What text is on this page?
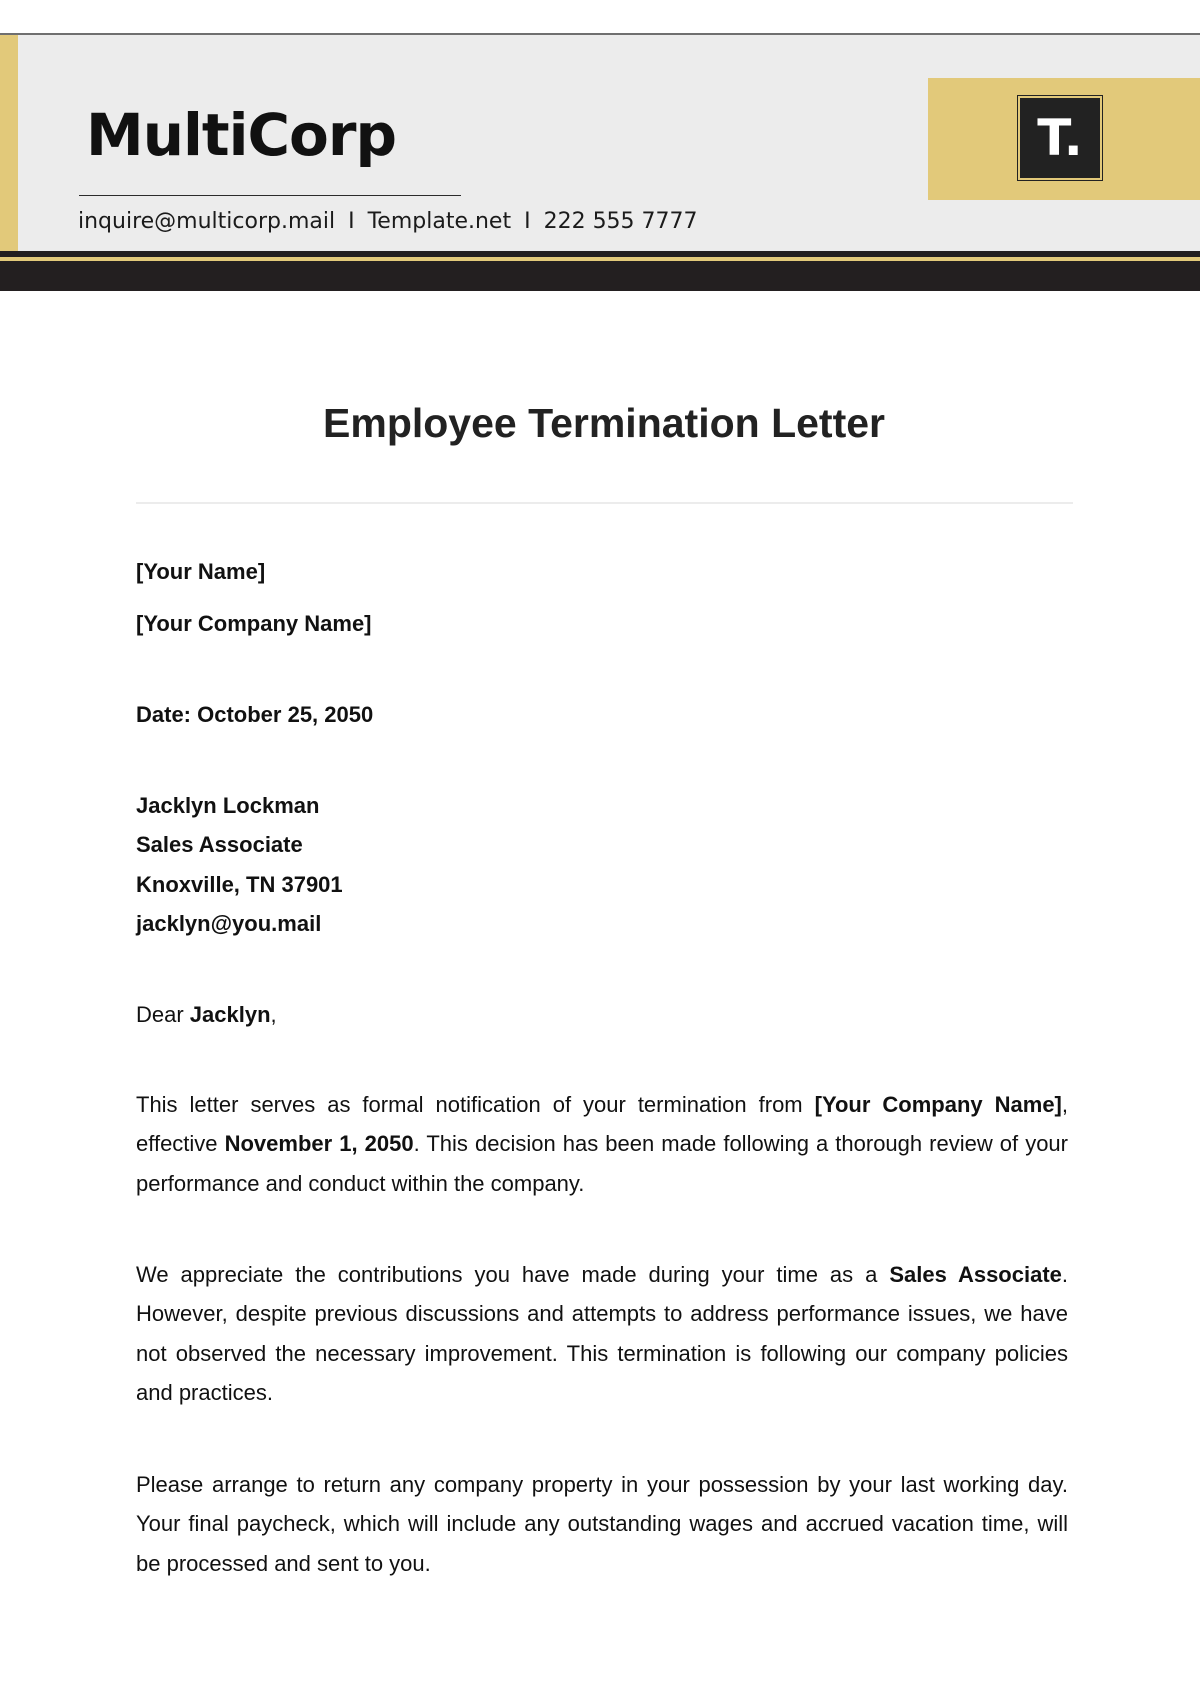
MultiCorp
inquire@multicorp.mail I Template.net I 222 555 7777
T.
Employee Termination Letter
[Your Name]
[Your Company Name]
Date: October 25, 2050
Jacklyn Lockman
Sales Associate
Knoxville, TN 37901
jacklyn@you.mail
Dear Jacklyn,

This letter serves as formal notification of your termination from [Your Company Name], effective November 1, 2050. This decision has been made following a thorough review of your performance and conduct within the company.

We appreciate the contributions you have made during your time as a Sales Associate. However, despite previous discussions and attempts to address performance issues, we have not observed the necessary improvement. This termination is following our company policies and practices.

Please arrange to return any company property in your possession by your last working day. Your final paycheck, which will include any outstanding wages and accrued vacation time, will be processed and sent to you.
